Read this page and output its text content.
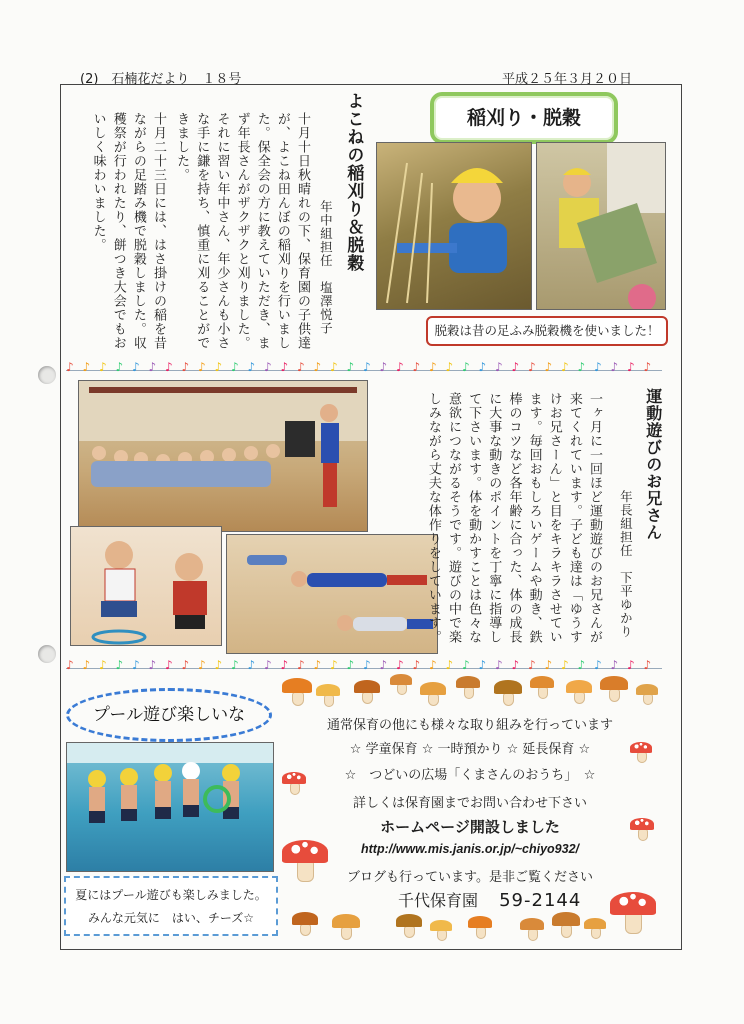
(2)　石楠花だより　１８号	平成２５年３月２０日
よこねの稲刈り＆脱穀
年中組担任　塩澤悦子
十月十日秋晴れの下、保育園の子供達が、よこね田んぼの稲刈りを行いました。保全会の方に教えていただき、まず年長さんがザクザクと刈りました。それに習い年中さん、年少さんも小さな手に鎌を持ち、慎重に刈ることができました。
十月二十三日には、はさ掛けの稲を昔ながらの足踏み機で脱穀しました。収穫祭が行われたり、餅つき大会でもおいしく味わいました。	稲刈り・脱穀
脱穀は昔の足ふみ脱穀機を使いました！
♪ ♪ ♪ ♪ ♪ ♪ ♪ ♪ ♪ ♪ ♪ ♪ ♪ ♪ ♪ ♪ ♪ ♪ ♪ ♪ ♪ ♪ ♪ ♪ ♪ ♪ ♪ ♪ ♪ ♪ ♪ ♪ ♪ ♪ ♪ ♪
運動遊びのお兄さん
年長組担任　下平ゆかり
一ヶ月に一回ほど運動遊びのお兄さんが来てくれています。子ども達は「ゆうすけお兄さーん」と目をキラキラさせています。毎回おもしろいゲームや動き、鉄棒のコツなど各年齢に合った、体の成長に大事な動きのポイントを丁寧に指導して下さいます。体を動かすことは色々な意欲につながるそうです。遊びの中で楽しみながら丈夫な体作りをしています。
♪ ♪ ♪ ♪ ♪ ♪ ♪ ♪ ♪ ♪ ♪ ♪ ♪ ♪ ♪ ♪ ♪ ♪ ♪ ♪ ♪ ♪ ♪ ♪ ♪ ♪ ♪ ♪ ♪ ♪ ♪ ♪ ♪ ♪ ♪ ♪
プール遊び楽しいな
夏にはプール遊びも楽しみました。
みんな元気に　はい、チーズ☆
通常保育の他にも様々な取り組みを行っています
☆ 学童保育 ☆ 一時預かり ☆ 延長保育 ☆
☆　つどいの広場「くまさんのおうち」　☆
詳しくは保育園までお問い合わせ下さい
ホームページ開設しました
http://www.mis.janis.or.jp/~chiyo932/
ブログも行っています。是非ご覧ください
千代保育園 59-2144
